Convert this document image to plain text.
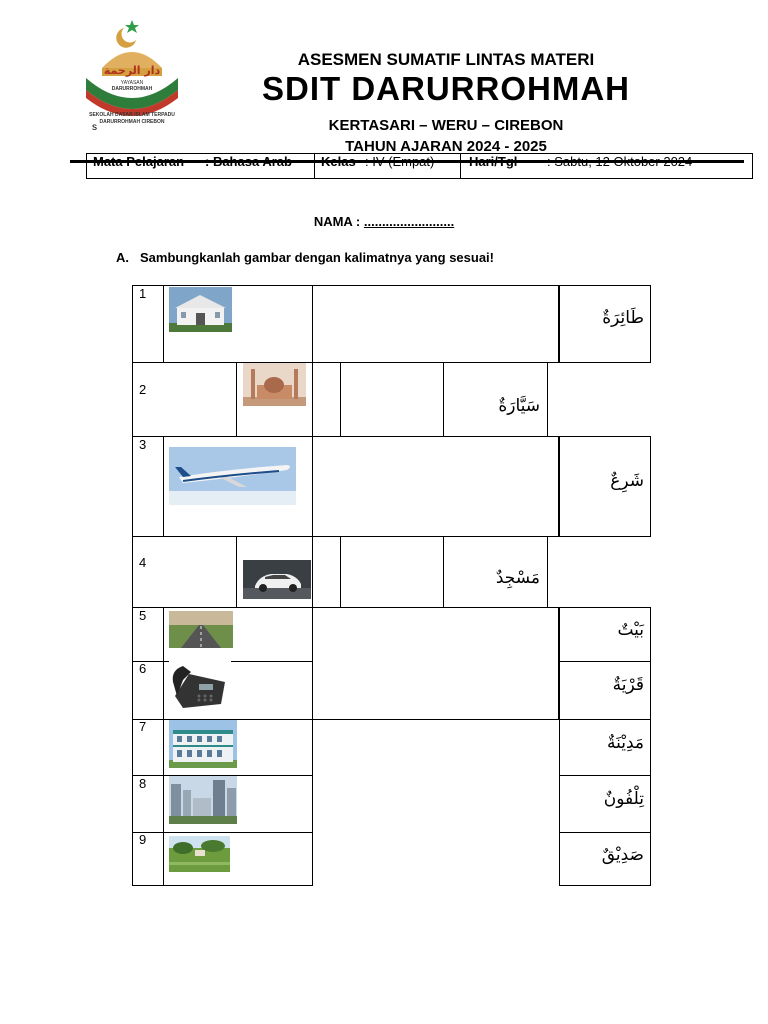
دار الرحمة
YAYASAN
DARURROHMAH
SEKOLAH DASAR ISLAM TERPADU
DARURROHMAH CIREBON
s
ASESMEN SUMATIF LINTAS MATERI
SDIT DARURROHMAH
KERTASARI – WERU – CIREBON
TAHUN AJARAN 2024 - 2025
NAMA : .........................
A. Sambungkanlah gambar dengan kalimatnya yang sesuai!
1
2
3
4
5
6
7
8
9
طَائِرَةٌ
سَيَّارَةٌ
شَرِعٌ
مَسْجِدٌ
بَيْتٌ
قَرْيَةٌ
مَدِيْنَةٌ
تِلْفُونٌ
صَدِيْقٌ
